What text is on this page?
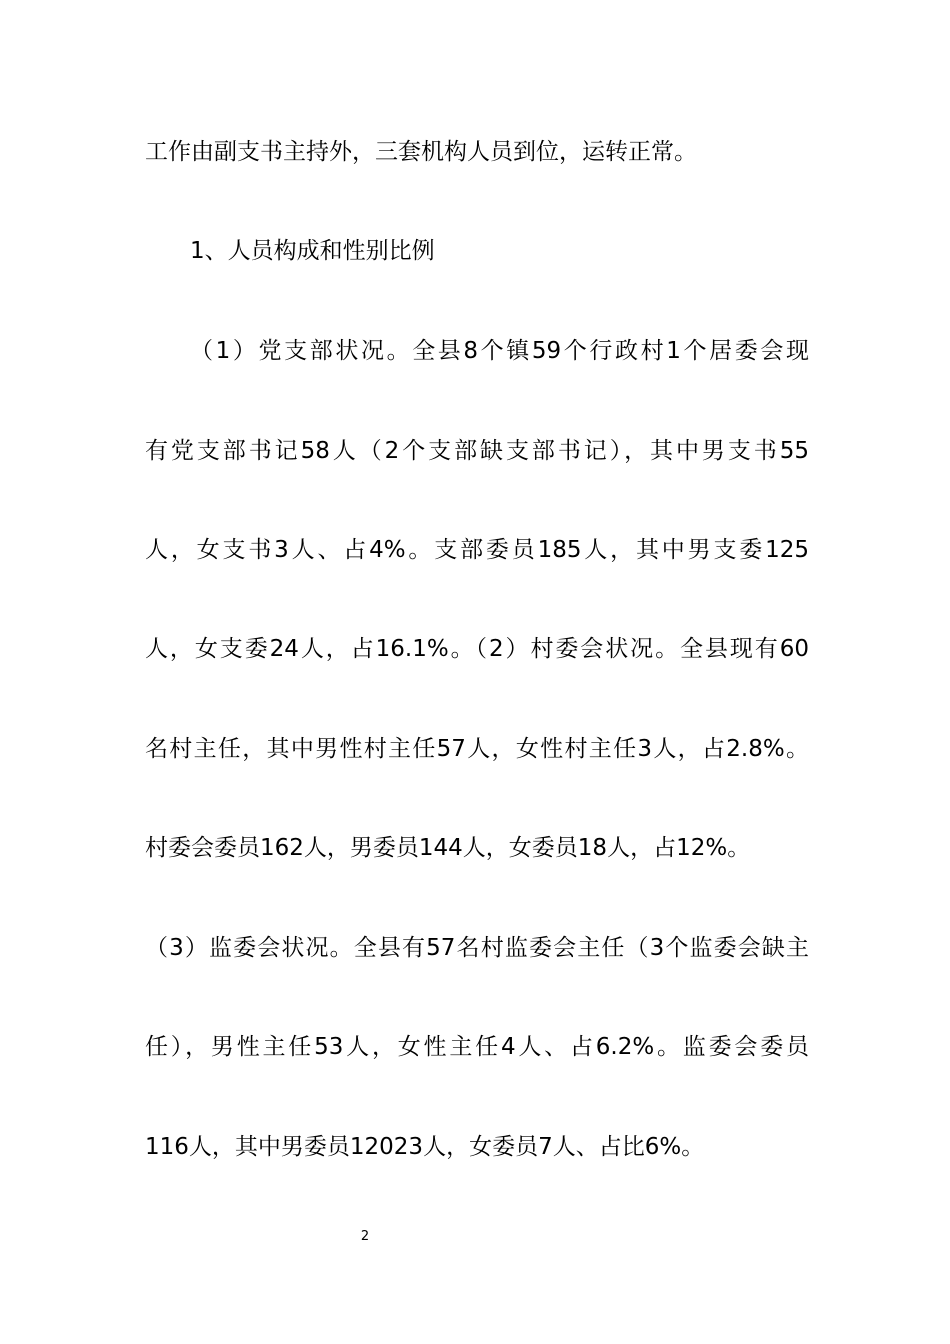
工作由副支书主持外，三套机构人员到位，运转正常。
1、人员构成和性别比例
（1）党支部状况。全县8个镇59个行政村1个居委会现
有党支部书记58人（2个支部缺支部书记），其中男支书55
人，女支书3人、占4%。支部委员185人，其中男支委125
人，女支委24人，占16.1%。（2）村委会状况。全县现有60
名村主任，其中男性村主任57人，女性村主任3人，占2.8%。
村委会委员162人，男委员144人，女委员18人，占12%。
（3）监委会状况。全县有57名村监委会主任（3个监委会缺主
任），男性主任53人，女性主任4人、占6.2%。监委会委员
116人，其中男委员12023人，女委员7人、占比6%。
2
